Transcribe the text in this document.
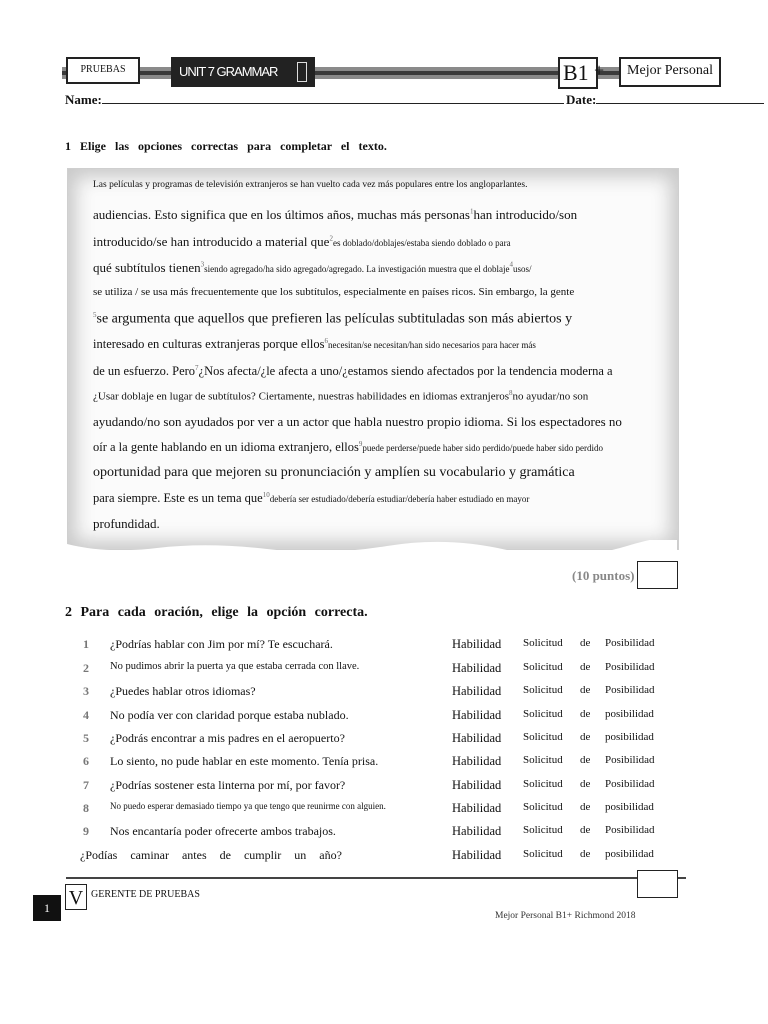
PRUEBAS	UNIT 7 GRAMMAR	B1 +	Mejor Personal
Name:	Date:
1 Elige las opciones correctas para completar el texto.
Las películas y programas de televisión extranjeros se han vuelto cada vez más populares entre los angloparlantes.
audiencias. Esto significa que en los últimos años, muchas más personas$^1$han introducido/son
introducido/se han introducido a material que$^2$es doblado/doblajes/estaba siendo doblado o para
qué subtítulos tienen$^3$siendo agregado/ha sido agregado/agregado. La investigación muestra que el doblaje$^4$usos/
se utiliza / se usa más frecuentemente que los subtítulos, especialmente en países ricos. Sin embargo, la gente
$^5$se argumenta que aquellos que prefieren las películas subtituladas son más abiertos y
interesado en culturas extranjeras porque ellos$^6$necesitan/se necesitan/han sido necesarios para hacer más
de un esfuerzo. Pero$^7$¿Nos afecta/¿le afecta a uno/¿estamos siendo afectados por la tendencia moderna a
¿Usar doblaje en lugar de subtítulos? Ciertamente, nuestras habilidades en idiomas extranjeros$^8$no ayudar/no son
ayudando/no son ayudados por ver a un actor que habla nuestro propio idioma. Si los espectadores no
oír a la gente hablando en un idioma extranjero, ellos$^9$puede perderse/puede haber sido perdido/puede haber sido perdido
oportunidad para que mejoren su pronunciación y amplíen su vocabulario y gramática
para siempre. Este es un tema que$^{10}$debería ser estudiado/debería estudiar/debería haber estudiado en mayor
profundidad.
(10 puntos)
2 Para cada oración, elige la opción correcta.
1 ¿Podrías hablar con Jim por mí? Te escuchará.	Habilidad Solicitud de Posibilidad
2 No pudimos abrir la puerta ya que estaba cerrada con llave.	Habilidad Solicitud de Posibilidad
3 ¿Puedes hablar otros idiomas?	Habilidad Solicitud de Posibilidad
4 No podía ver con claridad porque estaba nublado.	Habilidad Solicitud de posibilidad
5 ¿Podrás encontrar a mis padres en el aeropuerto?	Habilidad Solicitud de posibilidad
6 Lo siento, no pude hablar en este momento. Tenía prisa.	Habilidad Solicitud de Posibilidad
7 ¿Podrías sostener esta linterna por mí, por favor?	Habilidad Solicitud de Posibilidad
8 No puedo esperar demasiado tiempo ya que tengo que reunirme con alguien.	Habilidad Solicitud de posibilidad
9 Nos encantaría poder ofrecerte ambos trabajos.	Habilidad Solicitud de Posibilidad
¿Podías caminar antes de cumplir un año?	Habilidad Solicitud de posibilidad
1 V GERENTE DE PRUEBAS
Mejor Personal B1+ Richmond 2018
